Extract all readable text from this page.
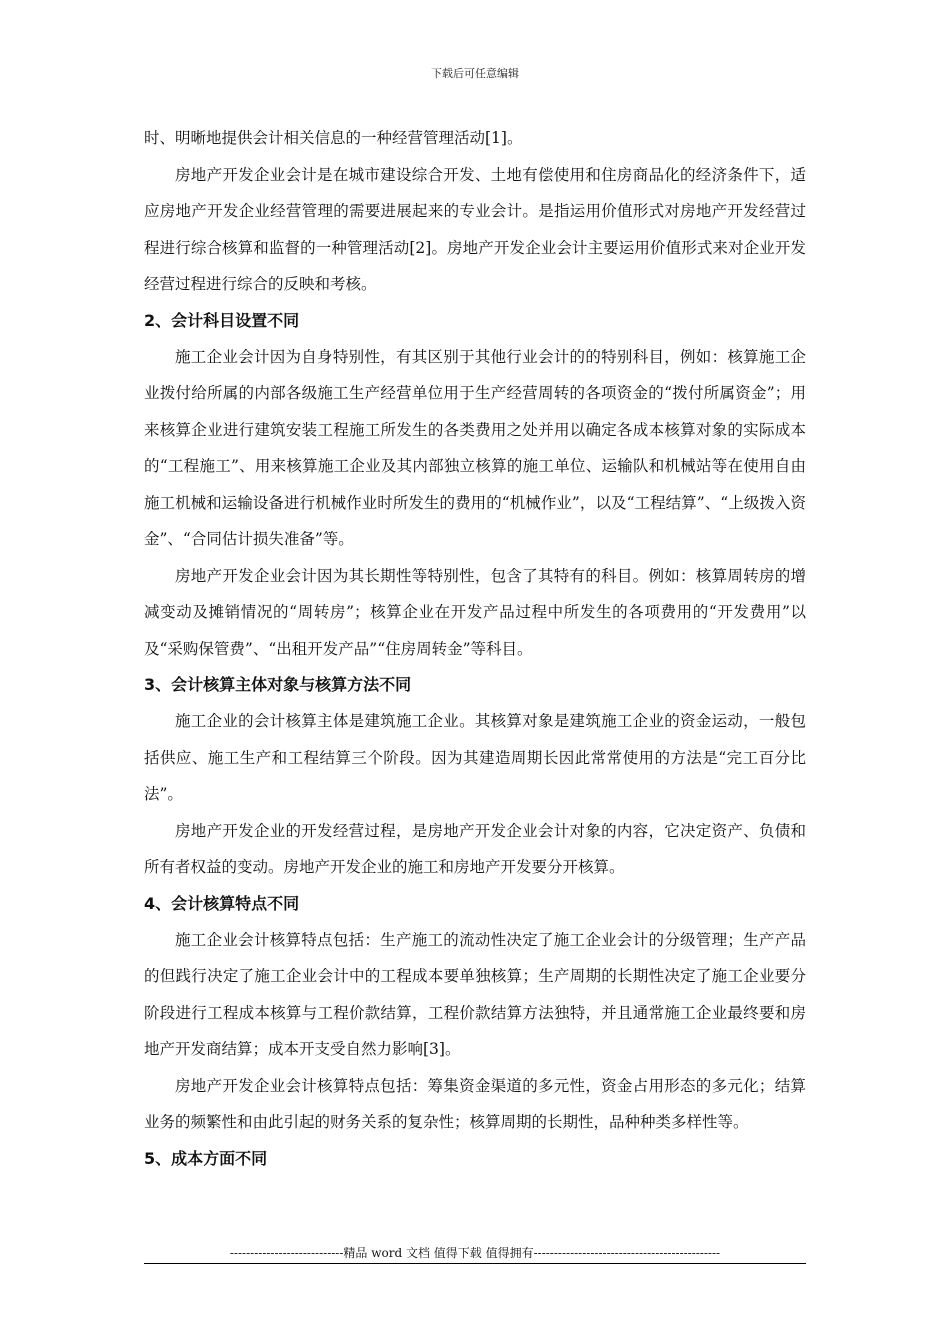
下载后可任意编辑

时、明晰地提供会计相关信息的一种经营管理活动[1]。

房地产开发企业会计是在城市建设综合开发、土地有偿使用和住房商品化的经济条件下，适应房地产开发企业经营管理的需要进展起来的专业会计。是指运用价值形式对房地产开发经营过程进行综合核算和监督的一种管理活动[2]。房地产开发企业会计主要运用价值形式来对企业开发经营过程进行综合的反映和考核。

2、会计科目设置不同

施工企业会计因为自身特别性，有其区别于其他行业会计的的特别科目，例如：核算施工企业拨付给所属的内部各级施工生产经营单位用于生产经营周转的各项资金的“拨付所属资金”；用来核算企业进行建筑安装工程施工所发生的各类费用之处并用以确定各成本核算对象的实际成本的“工程施工”、用来核算施工企业及其内部独立核算的施工单位、运输队和机械站等在使用自由施工机械和运输设备进行机械作业时所发生的费用的“机械作业”，以及“工程结算”、“上级拨入资金”、“合同估计损失准备”等。

房地产开发企业会计因为其长期性等特别性，包含了其特有的科目。例如：核算周转房的增减变动及摊销情况的“周转房”；核算企业在开发产品过程中所发生的各项费用的“开发费用”以及“采购保管费”、“出租开发产品”“住房周转金”等科目。

3、会计核算主体对象与核算方法不同

施工企业的会计核算主体是建筑施工企业。其核算对象是建筑施工企业的资金运动，一般包括供应、施工生产和工程结算三个阶段。因为其建造周期长因此常常使用的方法是“完工百分比法”。

房地产开发企业的开发经营过程，是房地产开发企业会计对象的内容，它决定资产、负债和所有者权益的变动。房地产开发企业的施工和房地产开发要分开核算。

4、会计核算特点不同

施工企业会计核算特点包括：生产施工的流动性决定了施工企业会计的分级管理；生产产品的但践行决定了施工企业会计中的工程成本要单独核算；生产周期的长期性决定了施工企业要分阶段进行工程成本核算与工程价款结算，工程价款结算方法独特，并且通常施工企业最终要和房地产开发商结算；成本开支受自然力影响[3]。

房地产开发企业会计核算特点包括：筹集资金渠道的多元性，资金占用形态的多元化；结算业务的频繁性和由此引起的财务关系的复杂性；核算周期的长期性，品种种类多样性等。

5、成本方面不同
----------------------------精品 word 文档 值得下载 值得拥有----------------------------------------------
